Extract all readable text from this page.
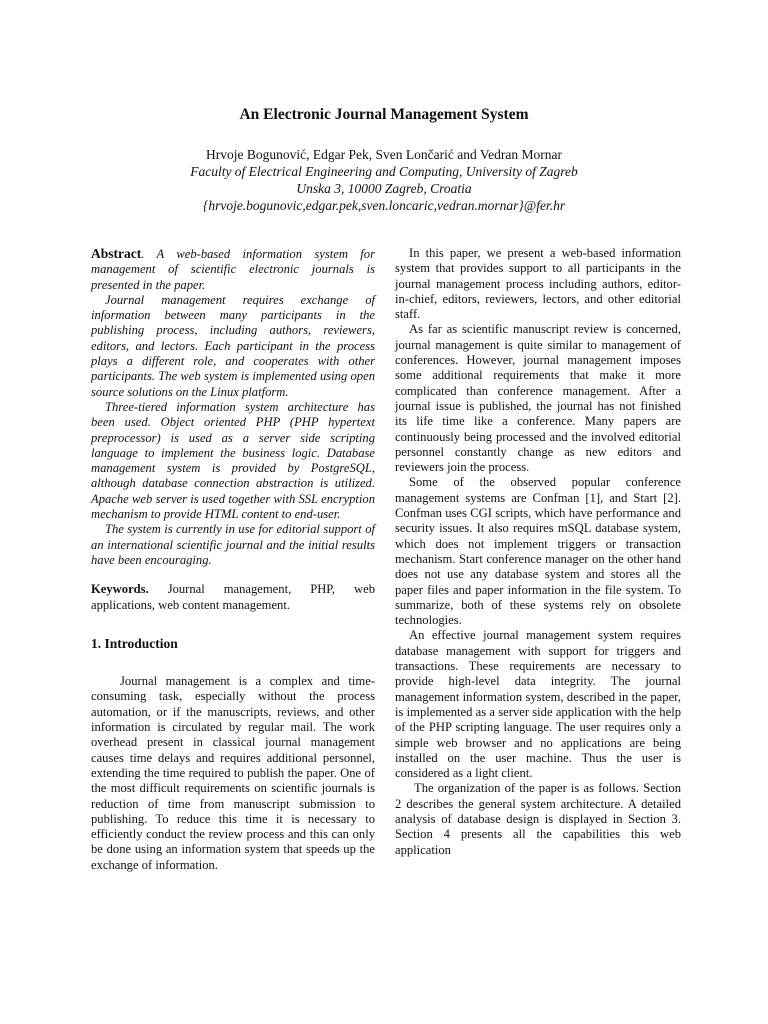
An Electronic Journal Management System
Hrvoje Bogunović, Edgar Pek, Sven Lončarić and Vedran Mornar
Faculty of Electrical Engineering and Computing, University of Zagreb
Unska 3, 10000 Zagreb, Croatia
{hrvoje.bogunovic,edgar.pek,sven.loncaric,vedran.mornar}@fer.hr

Abstract. A web-based information system for management of scientific electronic journals is presented in the paper.

Journal management requires exchange of information between many participants in the publishing process, including authors, reviewers, editors, and lectors. Each participant in the process plays a different role, and cooperates with other participants. The web system is implemented using open source solutions on the Linux platform.

Three-tiered information system architecture has been used. Object oriented PHP (PHP hypertext preprocessor) is used as a server side scripting language to implement the business logic. Database management system is provided by PostgreSQL, although database connection abstraction is utilized. Apache web server is used together with SSL encryption mechanism to provide HTML content to end-user.

The system is currently in use for editorial support of an international scientific journal and the initial results have been encouraging.

Keywords. Journal management, PHP, web applications, web content management.

1. Introduction

Journal management is a complex and time-consuming task, especially without the process automation, or if the manuscripts, reviews, and other information is circulated by regular mail. The work overhead present in classical journal management causes time delays and requires additional personnel, extending the time required to publish the paper. One of the most difficult requirements on scientific journals is reduction of time from manuscript submission to publishing. To reduce this time it is necessary to efficiently conduct the review process and this can only be done using an information system that speeds up the exchange of information.

In this paper, we present a web-based information system that provides support to all participants in the journal management process including authors, editor-in-chief, editors, reviewers, lectors, and other editorial staff.

As far as scientific manuscript review is concerned, journal management is quite similar to management of conferences. However, journal management imposes some additional requirements that make it more complicated than conference management. After a journal issue is published, the journal has not finished its life time like a conference. Many papers are continuously being processed and the involved editorial personnel constantly change as new editors and reviewers join the process.

Some of the observed popular conference management systems are Confman [1], and Start [2]. Confman uses CGI scripts, which have performance and security issues. It also requires mSQL database system, which does not implement triggers or transaction mechanism. Start conference manager on the other hand does not use any database system and stores all the paper files and paper information in the file system. To summarize, both of these systems rely on obsolete technologies.

An effective journal management system requires database management with support for triggers and transactions. These requirements are necessary to provide high-level data integrity. The journal management information system, described in the paper, is implemented as a server side application with the help of the PHP scripting language. The user requires only a simple web browser and no applications are being installed on the user machine. Thus the user is considered as a light client.

The organization of the paper is as follows. Section 2 describes the general system architecture. A detailed analysis of database design is displayed in Section 3. Section 4 presents all the capabilities this web application
